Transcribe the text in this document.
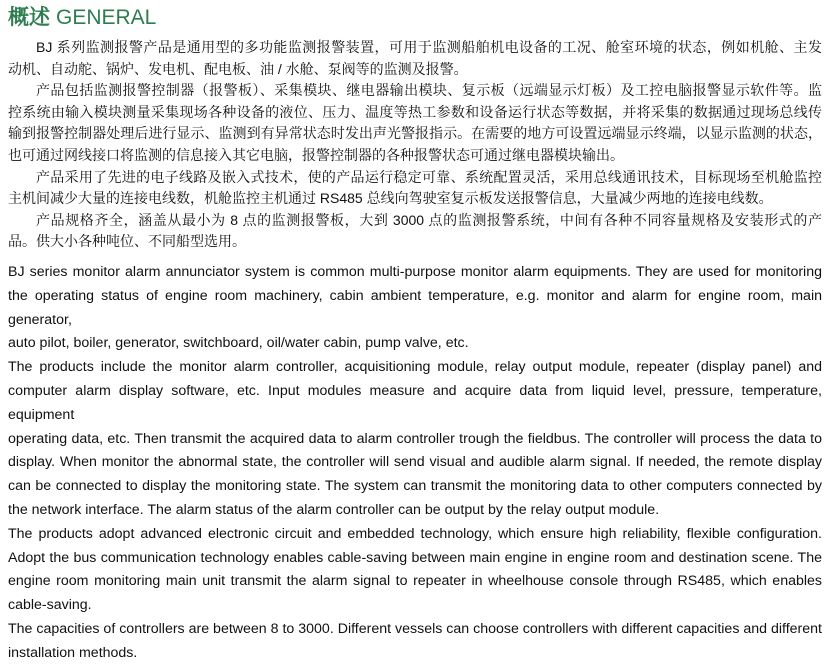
概述 GENERAL
BJ 系列监测报警产品是通用型的多功能监测报警装置，可用于监测船舶机电设备的工况、舱室环境的状态，例如机舱、主发
动机、自动舵、锅炉、发电机、配电板、油 / 水舱、泵阀等的监测及报警。
产品包括监测报警控制器（报警板）、采集模块、继电器输出模块、复示板（远端显示灯板）及工控电脑报警显示软件等。监
控系统由输入模块测量采集现场各种设备的液位、压力、温度等热工参数和设备运行状态等数据，并将采集的数据通过现场总线传
输到报警控制器处理后进行显示、监测到有异常状态时发出声光警报指示。在需要的地方可设置远端显示终端，以显示监测的状态，
也可通过网线接口将监测的信息接入其它电脑，报警控制器的各种报警状态可通过继电器模块输出。
产品采用了先进的电子线路及嵌入式技术，使的产品运行稳定可靠、系统配置灵活，采用总线通讯技术，目标现场至机舱监控
主机间减少大量的连接电线数，机舱监控主机通过 RS485 总线向驾驶室复示板发送报警信息，大量减少两地的连接电线数。
产品规格齐全，涵盖从最小为 8 点的监测报警板，大到 3000 点的监测报警系统，中间有各种不同容量规格及安装形式的产
品。供大小各种吨位、不同船型选用。
BJ series monitor alarm annunciator system is common multi-purpose monitor alarm equipments. They are used for monitoring
the operating status of engine room machinery, cabin ambient temperature, e.g. monitor and alarm for engine room, main generator,
auto pilot, boiler, generator, switchboard, oil/water cabin, pump valve, etc.
The products include the monitor alarm controller, acquisitioning module, relay output module, repeater (display panel) and
computer alarm display software, etc. Input modules measure and acquire data from liquid level, pressure, temperature, equipment
operating data, etc. Then transmit the acquired data to alarm controller trough the fieldbus. The controller will process the data to
display. When monitor the abnormal state, the controller will send visual and audible alarm signal. If needed, the remote display
can be connected to display the monitoring state. The system can transmit the monitoring data to other computers connected by
the network interface. The alarm status of the alarm controller can be output by the relay output module.
The products adopt advanced electronic circuit and embedded technology, which ensure high reliability, flexible configuration.
Adopt the bus communication technology enables cable-saving between main engine in engine room and destination scene. The
engine room monitoring main unit transmit the alarm signal to repeater in wheelhouse console through RS485, which enables
cable-saving.
The capacities of controllers are between 8 to 3000. Different vessels can choose controllers with different capacities and different
installation methods.
